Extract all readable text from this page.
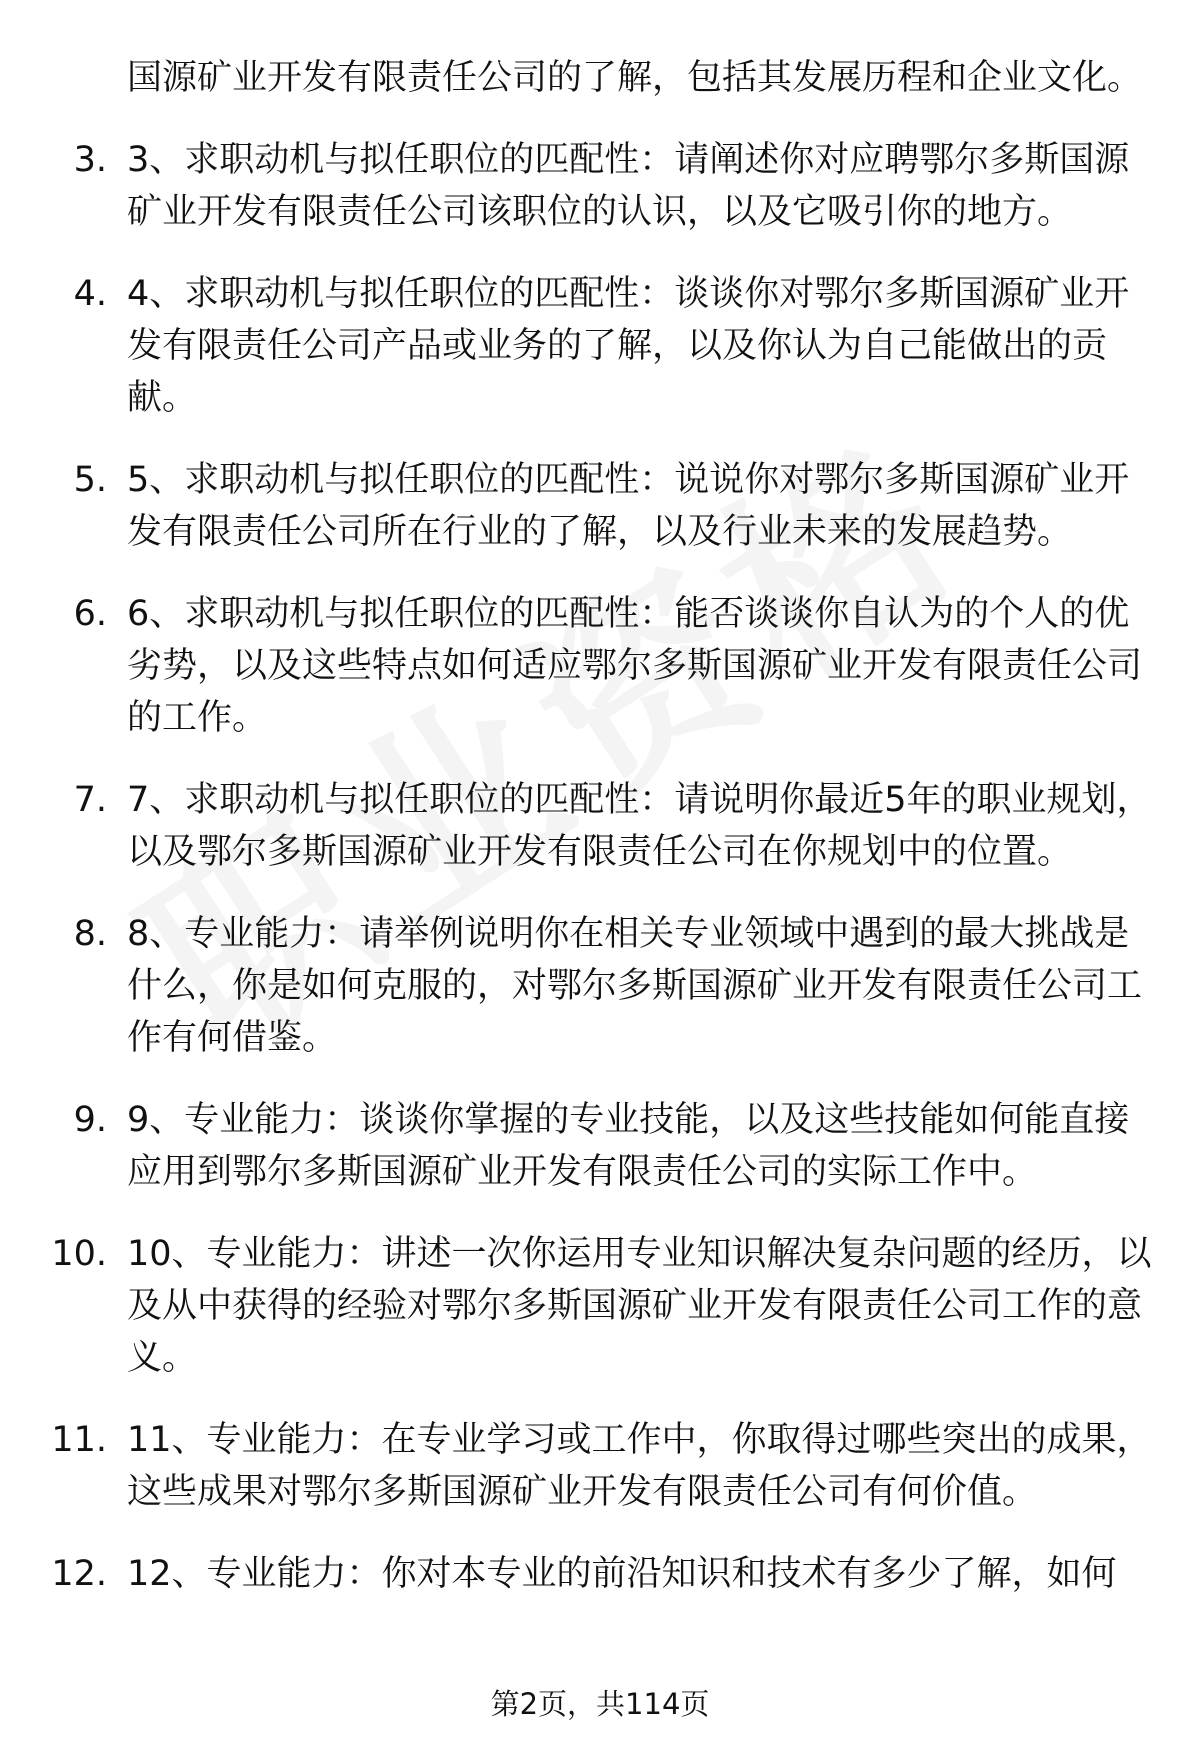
国源矿业开发有限责任公司的了解，包括其发展历程和企业文化。
3. 3、求职动机与拟任职位的匹配性：请阐述你对应聘鄂尔多斯国源矿业开发有限责任公司该职位的认识，以及它吸引你的地方。
4. 4、求职动机与拟任职位的匹配性：谈谈你对鄂尔多斯国源矿业开发有限责任公司产品或业务的了解，以及你认为自己能做出的贡献。
5. 5、求职动机与拟任职位的匹配性：说说你对鄂尔多斯国源矿业开发有限责任公司所在行业的了解，以及行业未来的发展趋势。
6. 6、求职动机与拟任职位的匹配性：能否谈谈你自认为的个人的优劣势，以及这些特点如何适应鄂尔多斯国源矿业开发有限责任公司的工作。
7. 7、求职动机与拟任职位的匹配性：请说明你最近5年的职业规划，以及鄂尔多斯国源矿业开发有限责任公司在你规划中的位置。
8. 8、专业能力：请举例说明你在相关专业领域中遇到的最大挑战是什么，你是如何克服的，对鄂尔多斯国源矿业开发有限责任公司工作有何借鉴。
9. 9、专业能力：谈谈你掌握的专业技能，以及这些技能如何能直接应用到鄂尔多斯国源矿业开发有限责任公司的实际工作中。
10. 10、专业能力：讲述一次你运用专业知识解决复杂问题的经历，以及从中获得的经验对鄂尔多斯国源矿业开发有限责任公司工作的意义。
11. 11、专业能力：在专业学习或工作中，你取得过哪些突出的成果，这些成果对鄂尔多斯国源矿业开发有限责任公司有何价值。
12. 12、专业能力：你对本专业的前沿知识和技术有多少了解，如何
第2页，共114页
